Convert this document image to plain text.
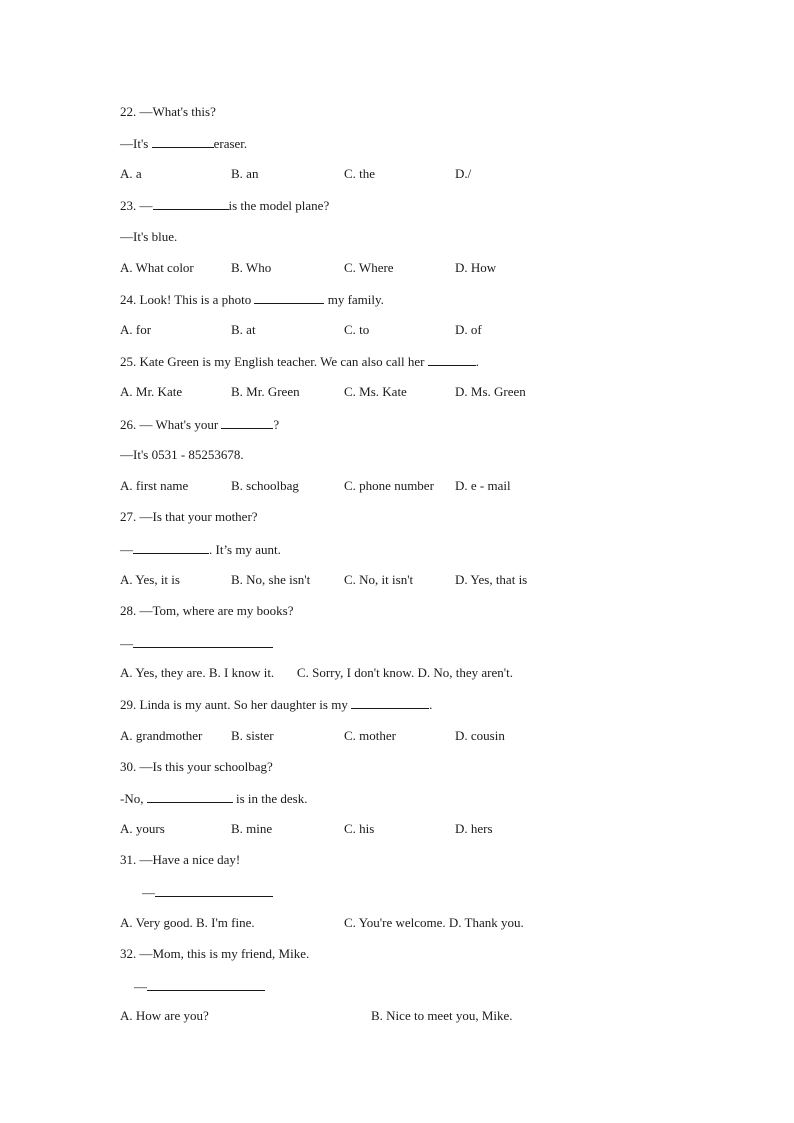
22. —What's this?
—It's	eraser.
A. a	B. an	C. the	D./
23. —	is the model plane?
—It's blue.
A. What color	B. Who	C. Where	D. How
24. Look! This is a photo	my family.
A. for	B. at	C. to	D. of
25. Kate Green is my English teacher. We can also call her	.
A. Mr. Kate	B. Mr. Green	C. Ms. Kate	D. Ms. Green
26. — What's your	?
—It's 0531 - 85253678.
A. first name	B. schoolbag	C. phone number D. e - mail
27. —Is that your mother?
—	. It’s my aunt.
A. Yes, it is	B. No, she isn't	C. No, it isn't	D. Yes, that is
28. —Tom, where are my books?
—
A. Yes, they are. B. I know it.       C. Sorry, I don't know. D. No, they aren't.
29. Linda is my aunt. So her daughter is my	.
A. grandmother B. sister	C. mother	D. cousin
30. —Is this your schoolbag?
-No,	is in the desk.
A. yours	B. mine	C. his	D. hers
31. —Have a nice day!
—
A. Very good. B. I'm fine.	C. You're welcome. D. Thank you.
32. —Mom, this is my friend, Mike.
—
A. How are you?	B. Nice to meet you, Mike.
